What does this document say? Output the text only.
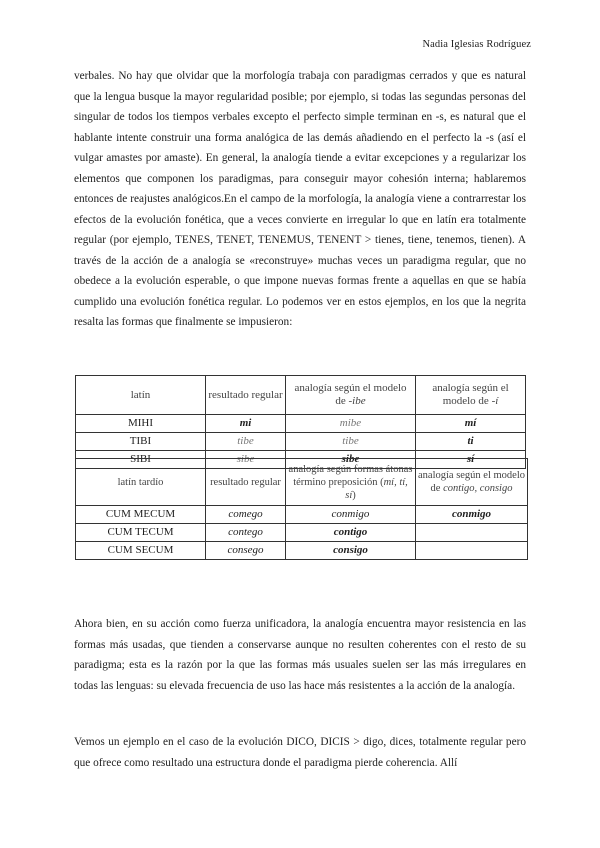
Nadia Iglesias Rodríguez

verbales. No hay que olvidar que la morfología trabaja con paradigmas cerrados y que es natural que la lengua busque la mayor regularidad posible; por ejemplo, si todas las segundas personas del singular de todos los tiempos verbales excepto el perfecto simple terminan en -s, es natural que el hablante intente construir una forma analógica de las demás añadiendo en el perfecto la -s (así el vulgar amastes por amaste). En general, la analogía tiende a evitar excepciones y a regularizar los elementos que componen los paradigmas, para conseguir mayor cohesión interna; hablaremos entonces de reajustes analógicos.En el campo de la morfología, la analogía viene a contrarrestar los efectos de la evolución fonética, que a veces convierte en irregular lo que en latín era totalmente regular (por ejemplo, TENES, TENET, TENEMUS, TENENT > tienes, tiene, tenemos, tienen). A través de la acción de a analogía se «reconstruye» muchas veces un paradigma regular, que no obedece a la evolución esperable, o que impone nuevas formas frente a aquellas en que se había cumplido una evolución fonética regular. Lo podemos ver en estos ejemplos, en los que la negrita resalta las formas que finalmente se impusieron:

latín	resultado regular	analogía según el modelo de -ibe	analogía según el modelo de -í
MIHI	mi	mibe	mí
TIBI	tibe	tibe	ti
SIBI	sibe	sibe	sí
latín tardío	resultado regular	analogía según formas átonas término preposición (mí, tí, sí)	analogía según el modelo de contigo, consigo
CUM MECUM	comego	conmigo	conmigo
CUM TECUM	contego	contigo	
CUM SECUM	consego	consigo	

Ahora bien, en su acción como fuerza unificadora, la analogía encuentra mayor resistencia en las formas más usadas, que tienden a conservarse aunque no resulten coherentes con el resto de su paradigma; esta es la razón por la que las formas más usuales suelen ser las más irregulares en todas las lenguas: su elevada frecuencia de uso las hace más resistentes a la acción de la analogía.

Vemos un ejemplo en el caso de la evolución DICO, DICIS > digo, dices, totalmente regular pero que ofrece como resultado una estructura donde el paradigma pierde coherencia. Allí
